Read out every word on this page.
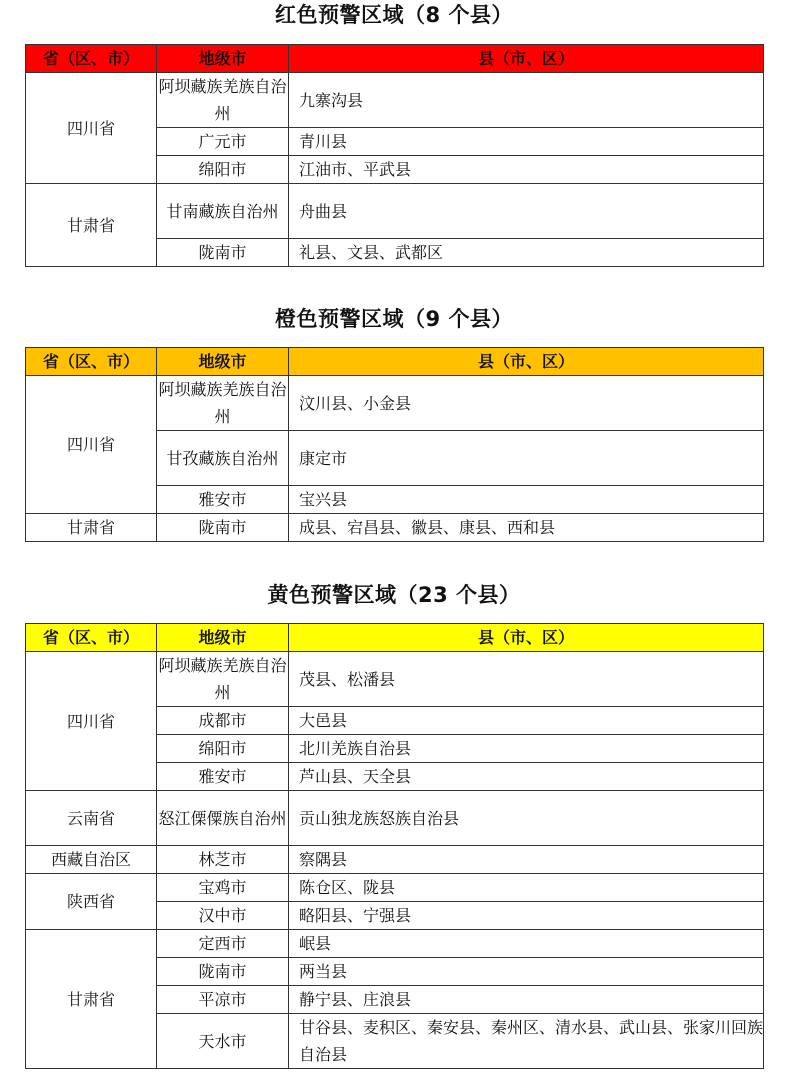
红色预警区域（8 个县）
省（区、市）	地级市	县（市、区）
四川省	阿坝藏族羌族自治州	九寨沟县
	广元市	青川县
	绵阳市	江油市、平武县
甘肃省	甘南藏族自治州	舟曲县
	陇南市	礼县、文县、武都区
橙色预警区域（9 个县）
省（区、市）	地级市	县（市、区）
四川省	阿坝藏族羌族自治州	汶川县、小金县
	甘孜藏族自治州	康定市
	雅安市	宝兴县
甘肃省	陇南市	成县、宕昌县、徽县、康县、西和县
黄色预警区域（23 个县）
省（区、市）	地级市	县（市、区）
四川省	阿坝藏族羌族自治州	茂县、松潘县
	成都市	大邑县
	绵阳市	北川羌族自治县
	雅安市	芦山县、天全县
云南省	怒江傈僳族自治州	贡山独龙族怒族自治县
西藏自治区	林芝市	察隅县
陕西省	宝鸡市	陈仓区、陇县
	汉中市	略阳县、宁强县
甘肃省	定西市	岷县
	陇南市	两当县
	平凉市	静宁县、庄浪县
	天水市	甘谷县、麦积区、秦安县、秦州区、清水县、武山县、张家川回族自治县
